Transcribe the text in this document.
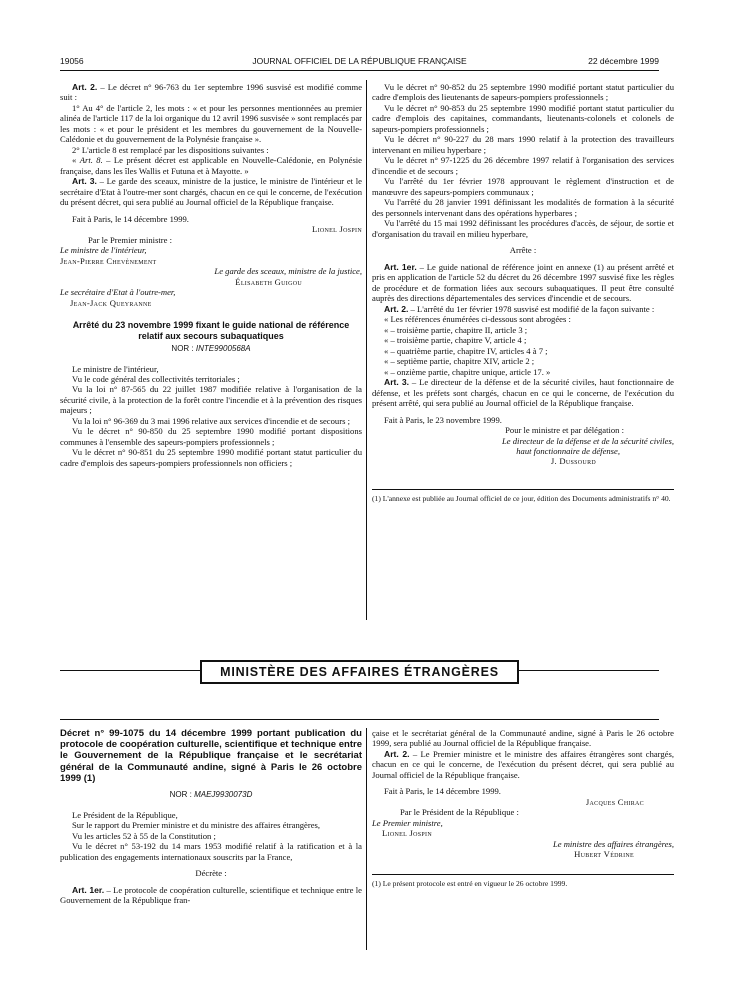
19056	JOURNAL OFFICIEL DE LA RÉPUBLIQUE FRANÇAISE	22 décembre 1999

Art. 2. – Le décret n° 96-763 du 1er septembre 1996 susvisé est modifié comme suit :

1° Au 4° de l'article 2, les mots : « et pour les personnes mentionnées au premier alinéa de l'article 117 de la loi organique du 12 avril 1996 susvisée » sont remplacés par les mots : « et pour le président et les membres du gouvernement de la Nouvelle-Calédonie et du gouvernement de la Polynésie française ».

2° L'article 8 est remplacé par les dispositions suivantes :

« Art. 8. – Le présent décret est applicable en Nouvelle-Calédonie, en Polynésie française, dans les îles Wallis et Futuna et à Mayotte. »

Art. 3. – Le garde des sceaux, ministre de la justice, le ministre de l'intérieur et le secrétaire d'Etat à l'outre-mer sont chargés, chacun en ce qui le concerne, de l'exécution du présent décret, qui sera publié au Journal officiel de la République française.

Fait à Paris, le 14 décembre 1999.

Lionel Jospin

Par le Premier ministre :

Le ministre de l'intérieur,

Jean-Pierre Chevènement

Le garde des sceaux, ministre de la justice,

Élisabeth Guigou

Le secrétaire d'Etat à l'outre-mer,

Jean-Jack Queyranne

Arrêté du 23 novembre 1999 fixant le guide national de référence relatif aux secours subaquatiques
NOR : INTE9900568A

Le ministre de l'intérieur,

Vu le code général des collectivités territoriales ;

Vu la loi n° 87-565 du 22 juillet 1987 modifiée relative à l'organisation de la sécurité civile, à la protection de la forêt contre l'incendie et à la prévention des risques majeurs ;

Vu la loi n° 96-369 du 3 mai 1996 relative aux services d'incendie et de secours ;

Vu le décret n° 90-850 du 25 septembre 1990 modifié portant dispositions communes à l'ensemble des sapeurs-pompiers professionnels ;

Vu le décret n° 90-851 du 25 septembre 1990 modifié portant statut particulier du cadre d'emplois des sapeurs-pompiers professionnels non officiers ;

Vu le décret n° 90-852 du 25 septembre 1990 modifié portant statut particulier du cadre d'emplois des lieutenants de sapeurs-pompiers professionnels ;

Vu le décret n° 90-853 du 25 septembre 1990 modifié portant statut particulier du cadre d'emplois des capitaines, commandants, lieutenants-colonels et colonels de sapeurs-pompiers professionnels ;

Vu le décret n° 90-227 du 28 mars 1990 relatif à la protection des travailleurs intervenant en milieu hyperbare ;

Vu le décret n° 97-1225 du 26 décembre 1997 relatif à l'organisation des services d'incendie et de secours ;

Vu l'arrêté du 1er février 1978 approuvant le règlement d'instruction et de manœuvre des sapeurs-pompiers communaux ;

Vu l'arrêté du 28 janvier 1991 définissant les modalités de formation à la sécurité des personnels intervenant dans des opérations hyperbares ;

Vu l'arrêté du 15 mai 1992 définissant les procédures d'accès, de séjour, de sortie et d'organisation du travail en milieu hyperbare,

Arrête :

Art. 1er. – Le guide national de référence joint en annexe (1) au présent arrêté et pris en application de l'article 52 du décret du 26 décembre 1997 susvisé fixe les règles de procédure et de formation liées aux secours subaquatiques. Il peut être consulté auprès des directions départementales des services d'incendie et de secours.

Art. 2. – L'arrêté du 1er février 1978 susvisé est modifié de la façon suivante :

« Les références énumérées ci-dessous sont abrogées :

« – troisième partie, chapitre II, article 3 ;

« – troisième partie, chapitre V, article 4 ;

« – quatrième partie, chapitre IV, articles 4 à 7 ;

« – septième partie, chapitre XIV, article 2 ;

« – onzième partie, chapitre unique, article 17. »

Art. 3. – Le directeur de la défense et de la sécurité civiles, haut fonctionnaire de défense, et les préfets sont chargés, chacun en ce qui le concerne, de l'exécution du présent arrêté, qui sera publié au Journal officiel de la République française.

Fait à Paris, le 23 novembre 1999.

Pour le ministre et par délégation :

Le directeur de la défense et de la sécurité civiles,

haut fonctionnaire de défense,

J. Dussourd

(1) L'annexe est publiée au Journal officiel de ce jour, édition des Documents administratifs n° 40.

MINISTÈRE DES AFFAIRES ÉTRANGÈRES
Décret n° 99-1075 du 14 décembre 1999 portant publication du protocole de coopération culturelle, scientifique et technique entre le Gouvernement de la République française et le secrétariat général de la Communauté andine, signé à Paris le 26 octobre 1999 (1)
NOR : MAEJ9930073D

Le Président de la République,

Sur le rapport du Premier ministre et du ministre des affaires étrangères,

Vu les articles 52 à 55 de la Constitution ;

Vu le décret n° 53-192 du 14 mars 1953 modifié relatif à la ratification et à la publication des engagements internationaux souscrits par la France,

Décrète :

Art. 1er. – Le protocole de coopération culturelle, scientifique et technique entre le Gouvernement de la République fran-

çaise et le secrétariat général de la Communauté andine, signé à Paris le 26 octobre 1999, sera publié au Journal officiel de la République française.

Art. 2. – Le Premier ministre et le ministre des affaires étrangères sont chargés, chacun en ce qui le concerne, de l'exécution du présent décret, qui sera publié au Journal officiel de la République française.

Fait à Paris, le 14 décembre 1999.

Jacques Chirac

Par le Président de la République :

Le Premier ministre,

Lionel Jospin

Le ministre des affaires étrangères,

Hubert Védrine

(1) Le présent protocole est entré en vigueur le 26 octobre 1999.
